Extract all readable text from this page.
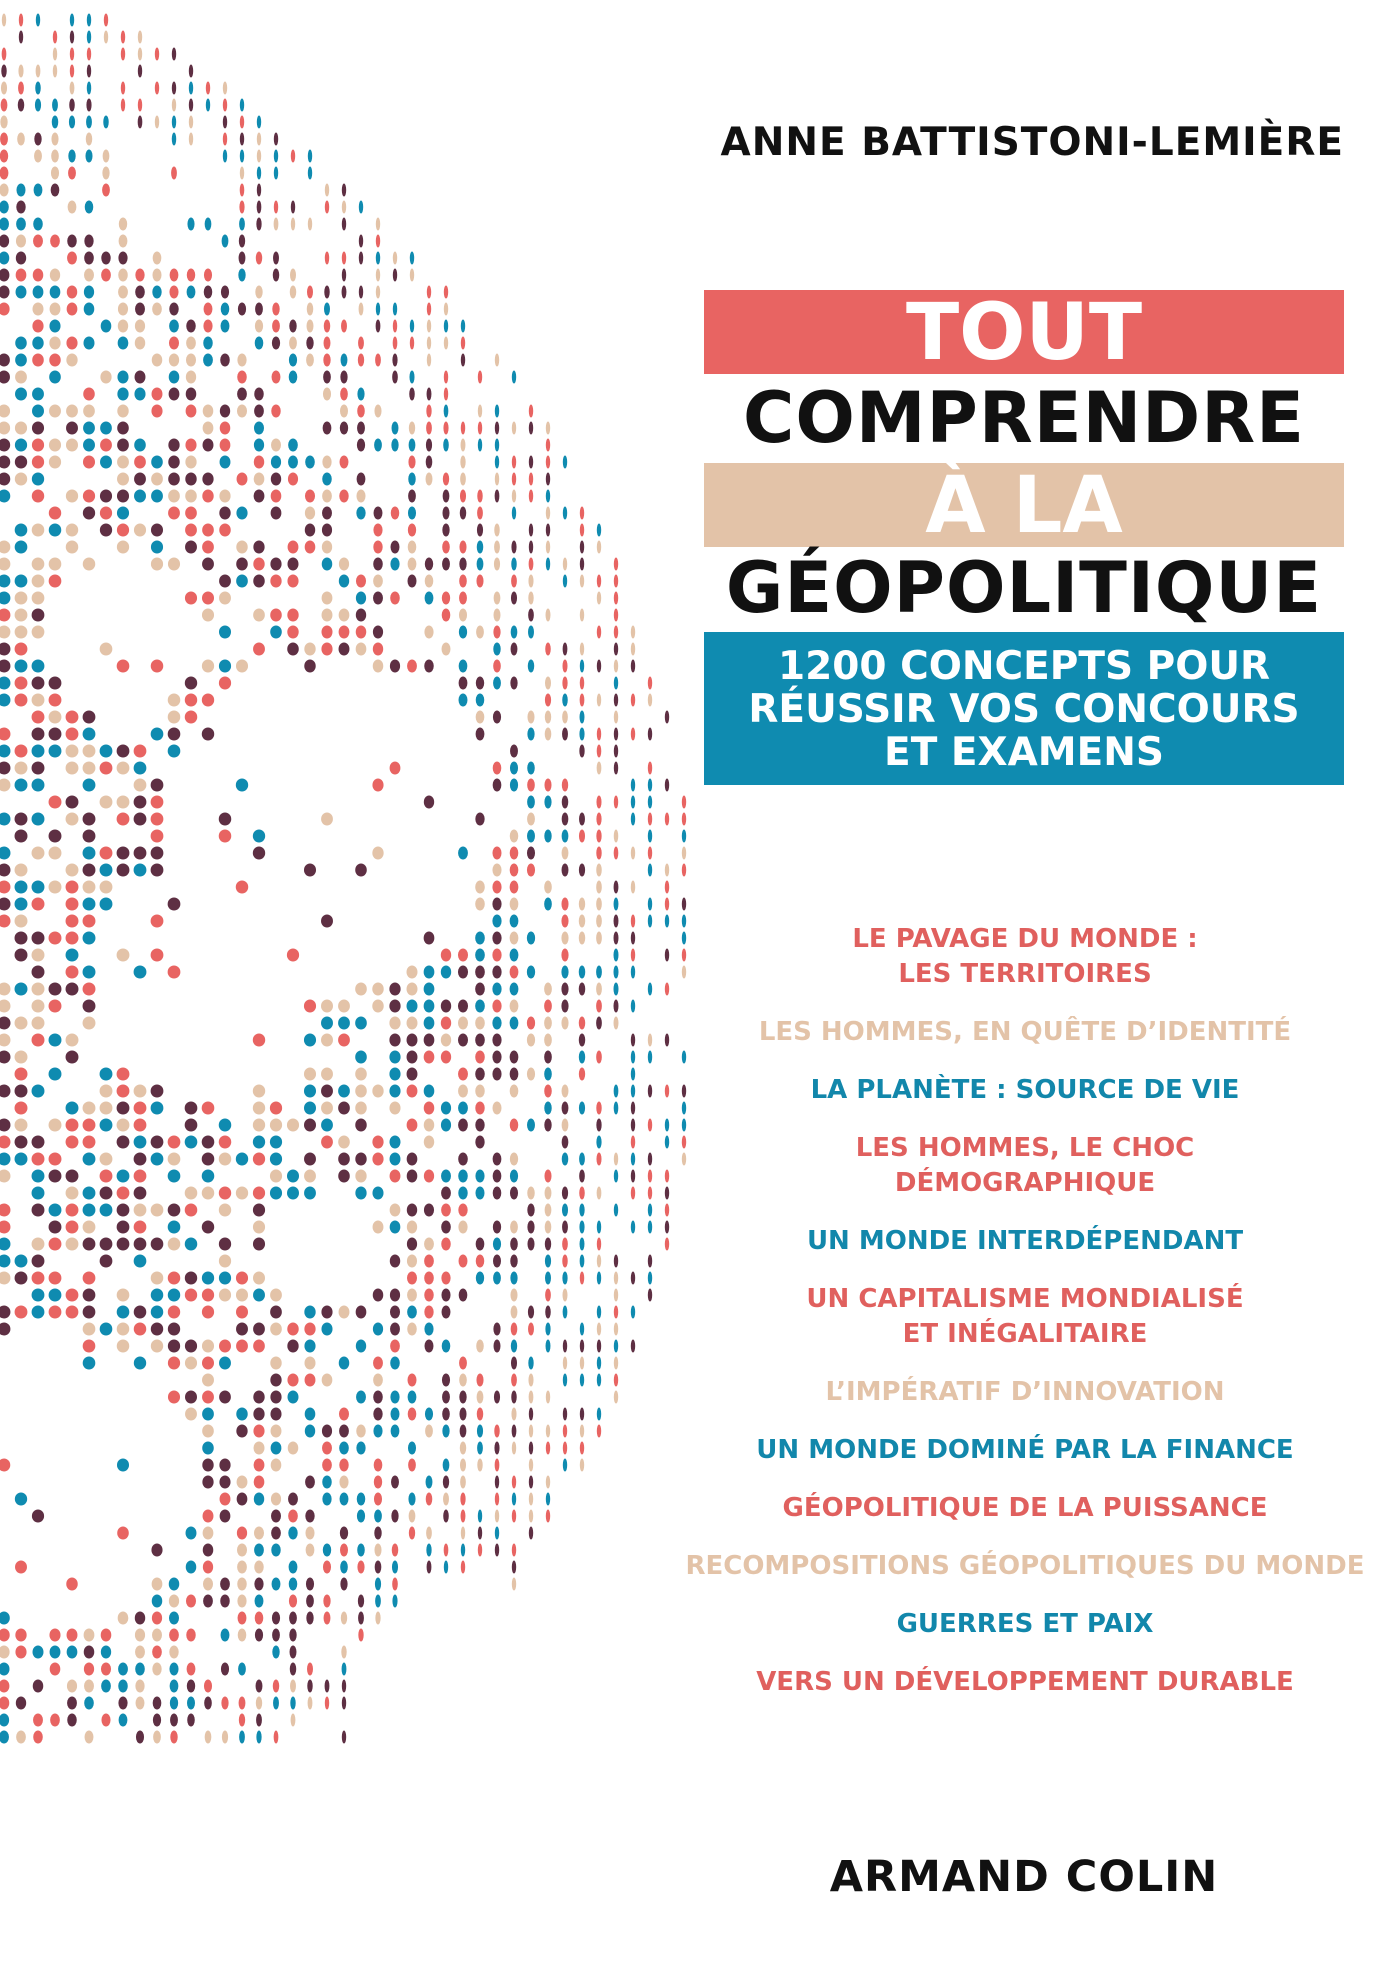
ANNE BATTISTONI-LEMIÈRE
TOUT
COMPRENDRE
À LA
GÉOPOLITIQUE
1200 CONCEPTS POUR
RÉUSSIR VOS CONCOURS
ET EXAMENS
LE PAVAGE DU MONDE :
LES TERRITOIRES
LES HOMMES, EN QUÊTE D’IDENTITÉ
LA PLANÈTE : SOURCE DE VIE
LES HOMMES, LE CHOC
DÉMOGRAPHIQUE
UN MONDE INTERDÉPENDANT
UN CAPITALISME MONDIALISÉ
ET INÉGALITAIRE
L’IMPÉRATIF D’INNOVATION
UN MONDE DOMINÉ PAR LA FINANCE
GÉOPOLITIQUE DE LA PUISSANCE
RECOMPOSITIONS GÉOPOLITIQUES DU MONDE
GUERRES ET PAIX
VERS UN DÉVELOPPEMENT DURABLE
ARMAND COLIN
